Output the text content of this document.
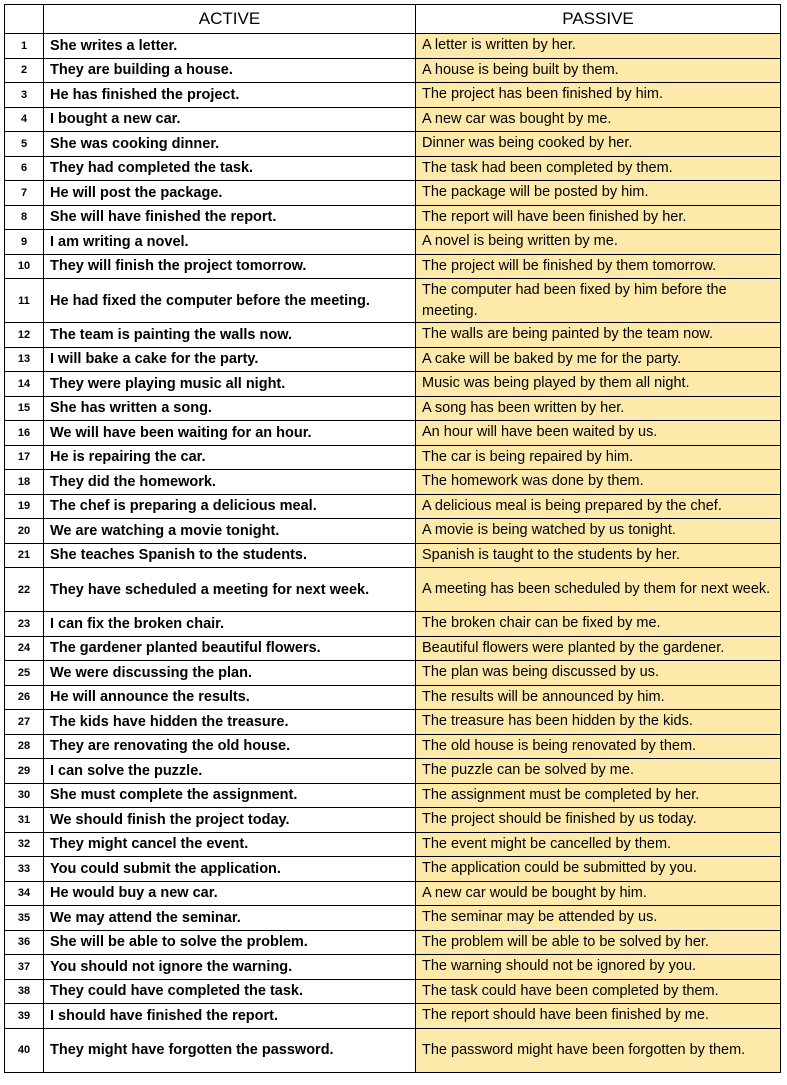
	ACTIVE	PASSIVE
1	She writes a letter.	A letter is written by her.
2	They are building a house.	A house is being built by them.
3	He has finished the project.	The project has been finished by him.
4	I bought a new car.	A new car was bought by me.
5	She was cooking dinner.	Dinner was being cooked by her.
6	They had completed the task.	The task had been completed by them.
7	He will post the package.	The package will be posted by him.
8	She will have finished the report.	The report will have been finished by her.
9	I am writing a novel.	A novel is being written by me.
10	They will finish the project tomorrow.	The project will be finished by them tomorrow.
11	He had fixed the computer before the meeting.	The computer had been fixed by him before the meeting.
12	The team is painting the walls now.	The walls are being painted by the team now.
13	I will bake a cake for the party.	A cake will be baked by me for the party.
14	They were playing music all night.	Music was being played by them all night.
15	She has written a song.	A song has been written by her.
16	We will have been waiting for an hour.	An hour will have been waited by us.
17	He is repairing the car.	The car is being repaired by him.
18	They did the homework.	The homework was done by them.
19	The chef is preparing a delicious meal.	A delicious meal is being prepared by the chef.
20	We are watching a movie tonight.	A movie is being watched by us tonight.
21	She teaches Spanish to the students.	Spanish is taught to the students by her.
22	They have scheduled a meeting for next week.	A meeting has been scheduled by them for next week.
23	I can fix the broken chair.	The broken chair can be fixed by me.
24	The gardener planted beautiful flowers.	Beautiful flowers were planted by the gardener.
25	We were discussing the plan.	The plan was being discussed by us.
26	He will announce the results.	The results will be announced by him.
27	The kids have hidden the treasure.	The treasure has been hidden by the kids.
28	They are renovating the old house.	The old house is being renovated by them.
29	I can solve the puzzle.	The puzzle can be solved by me.
30	She must complete the assignment.	The assignment must be completed by her.
31	We should finish the project today.	The project should be finished by us today.
32	They might cancel the event.	The event might be cancelled by them.
33	You could submit the application.	The application could be submitted by you.
34	He would buy a new car.	A new car would be bought by him.
35	We may attend the seminar.	The seminar may be attended by us.
36	She will be able to solve the problem.	The problem will be able to be solved by her.
37	You should not ignore the warning.	The warning should not be ignored by you.
38	They could have completed the task.	The task could have been completed by them.
39	I should have finished the report.	The report should have been finished by me.
40	They might have forgotten the password.	The password might have been forgotten by them.
